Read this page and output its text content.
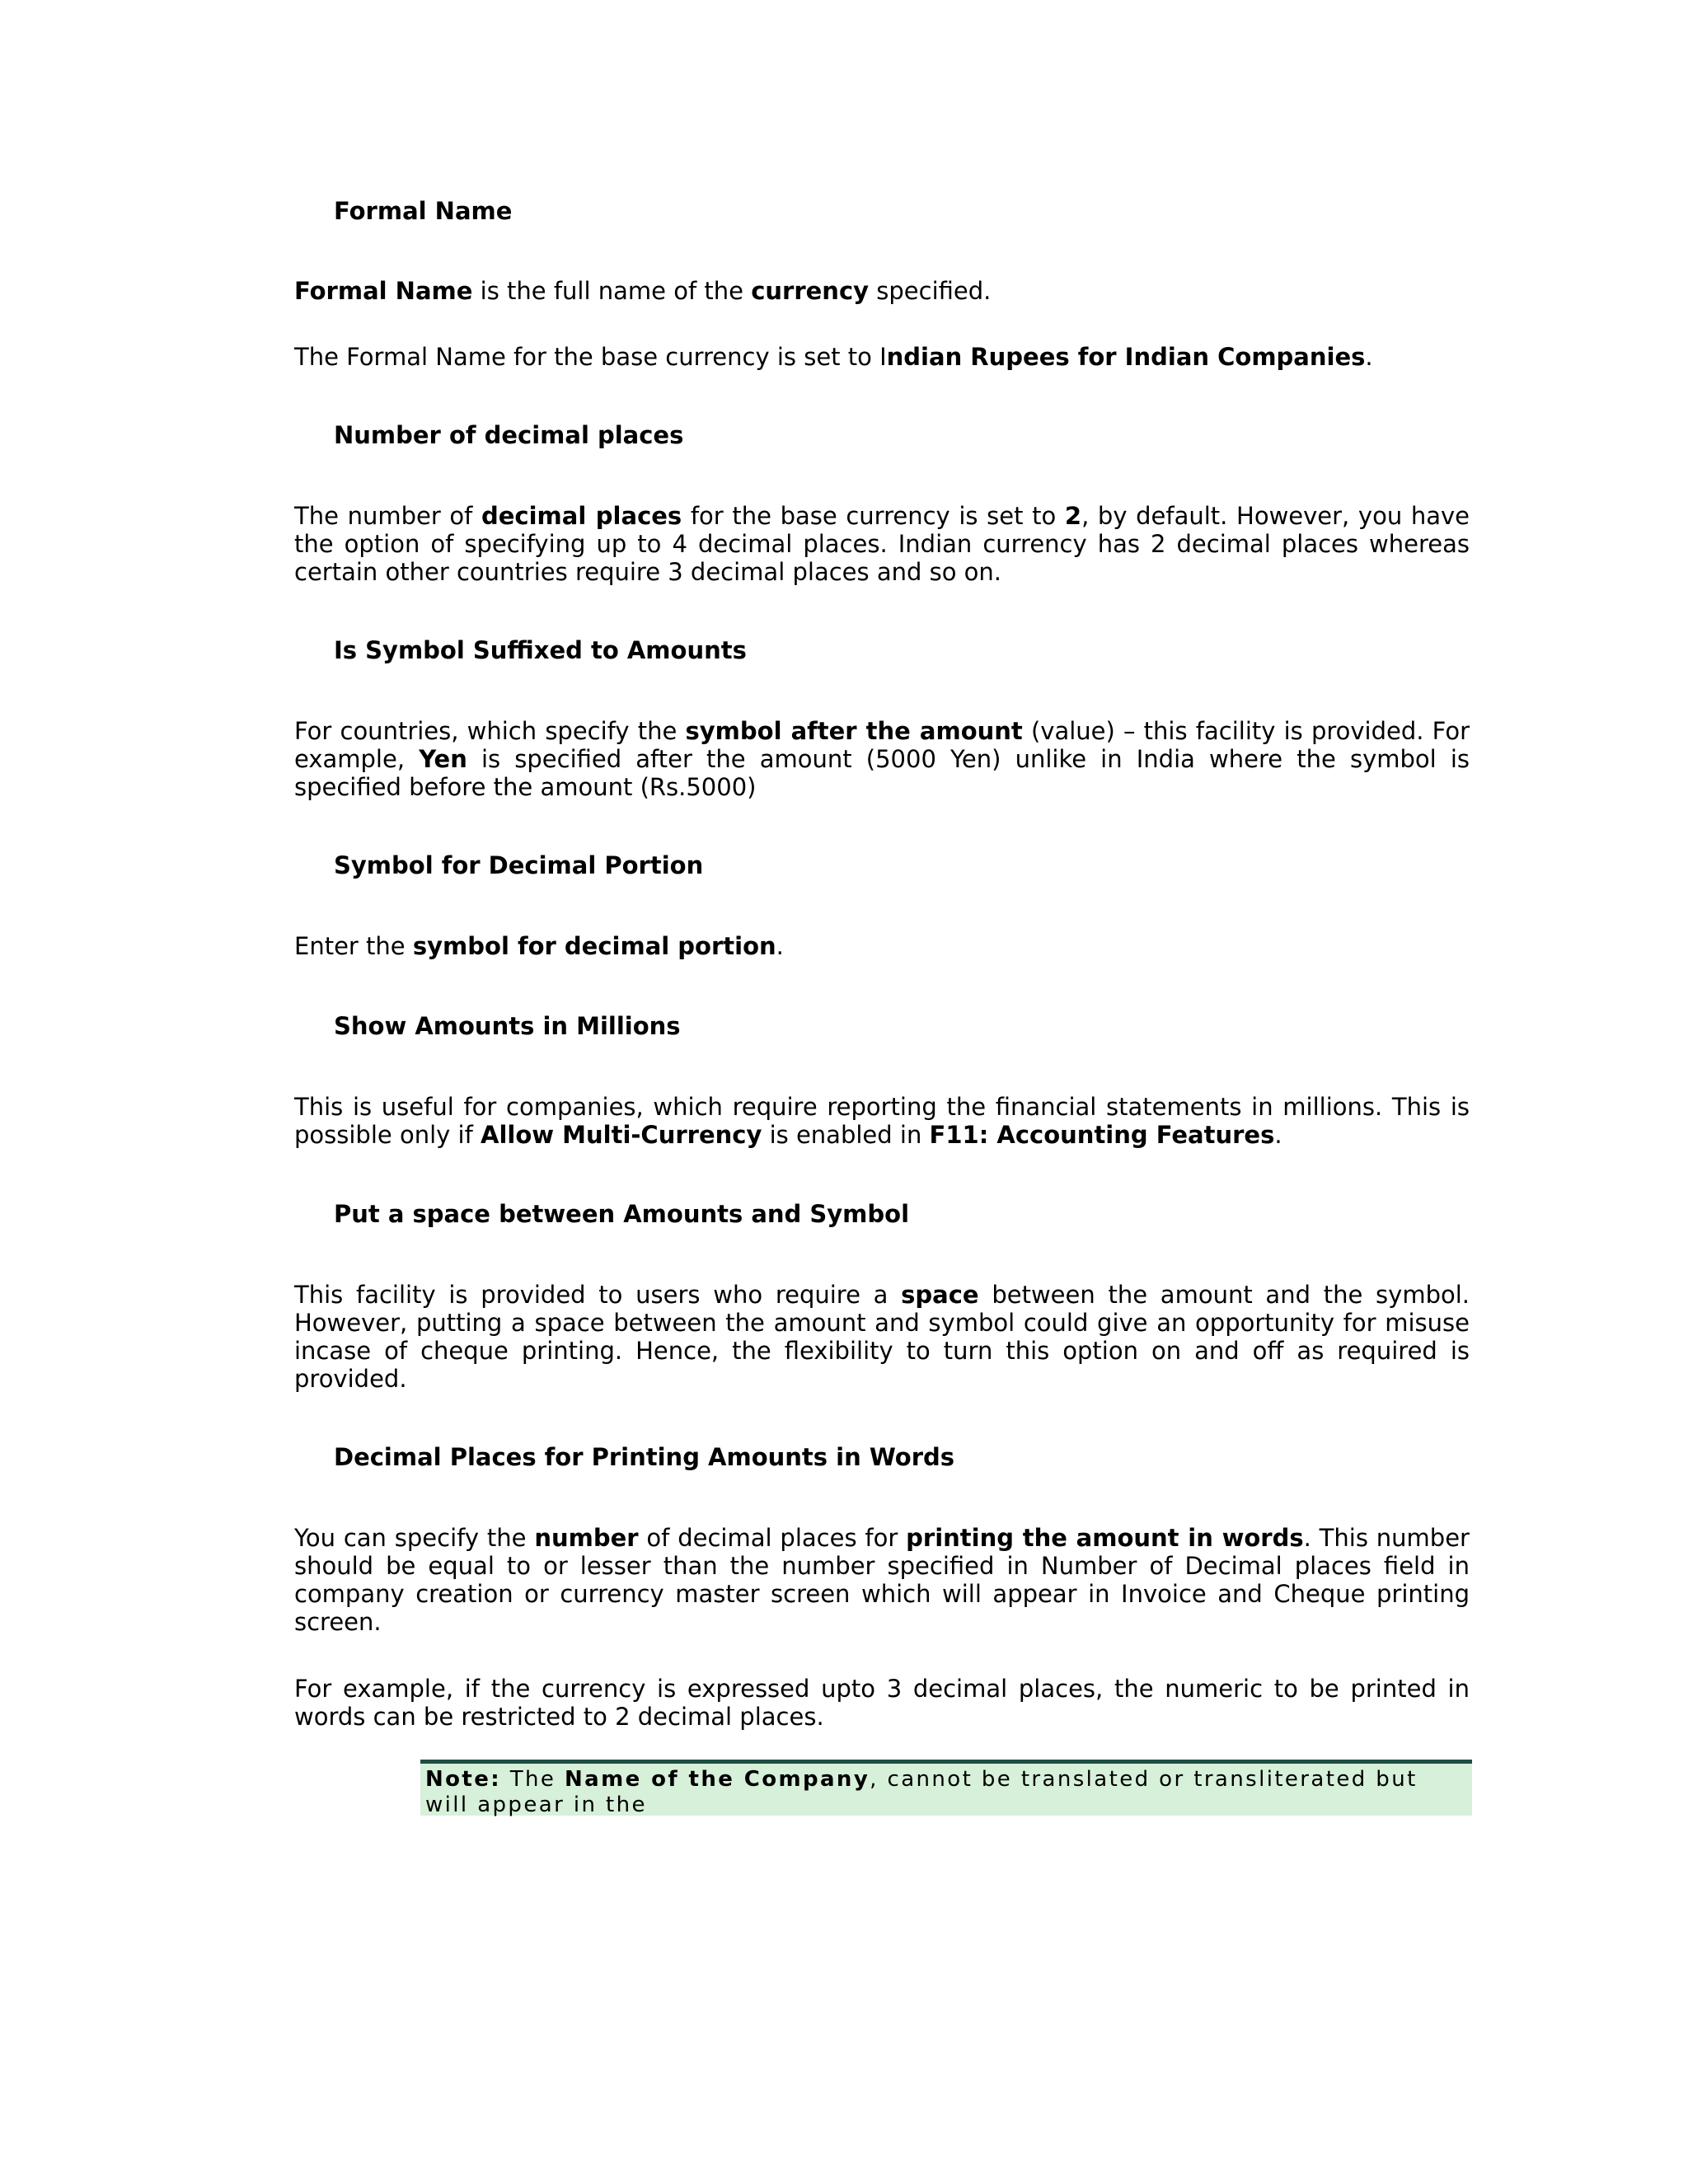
Formal Name
Formal Name is the full name of the currency specified.
The Formal Name for the base currency is set to Indian Rupees for Indian Companies.
Number of decimal places
The number of decimal places for the base currency is set to 2, by default. However, you have the option of specifying up to 4 decimal places. Indian currency has 2 decimal places whereas certain other countries require 3 decimal places and so on.
Is Symbol Suffixed to Amounts
For countries, which specify the symbol after the amount (value) – this facility is provided. For example, Yen is specified after the amount (5000 Yen) unlike in India where the symbol is specified before the amount (Rs.5000)
Symbol for Decimal Portion
Enter the symbol for decimal portion.
Show Amounts in Millions
This is useful for companies, which require reporting the financial statements in millions. This is possible only if Allow Multi-Currency is enabled in F11: Accounting Features.
Put a space between Amounts and Symbol
This facility is provided to users who require a space between the amount and the symbol. However, putting a space between the amount and symbol could give an opportunity for misuse incase of cheque printing. Hence, the flexibility to turn this option on and off as required is provided.
Decimal Places for Printing Amounts in Words
You can specify the number of decimal places for printing the amount in words. This number should be equal to or lesser than the number specified in Number of Decimal places field in company creation or currency master screen which will appear in Invoice and Cheque printing screen.
For example, if the currency is expressed upto 3 decimal places, the numeric to be printed in words can be restricted to 2 decimal places.
Note: The Name of the Company, cannot be translated or transliterated but will appear in the
